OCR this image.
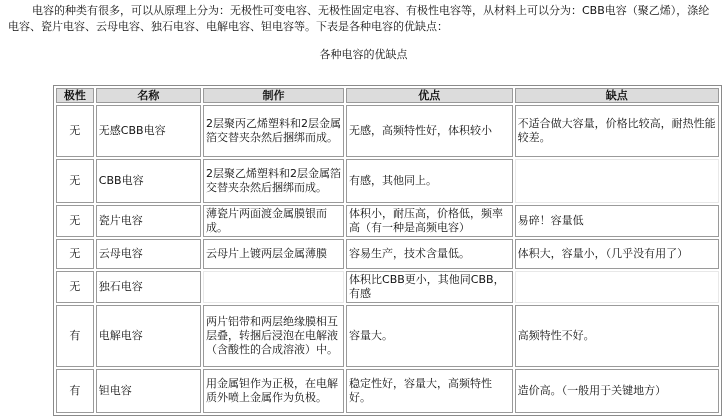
电容的种类有很多，可以从原理上分为：无极性可变电容、无极性固定电容、有极性电容等，从材料上可以分为：CBB电容（聚乙烯），涤纶电容、瓷片电容、云母电容、独石电容、电解电容、钽电容等。下表是各种电容的优缺点：

各种电容的优缺点
极性	名称	制作	优点	缺点
无	无感CBB电容	2层聚丙乙烯塑料和2层金属箔交替夹杂然后捆绑而成。	无感，高频特性好，体积较小	不适合做大容量，价格比较高，耐热性能较差。
无	CBB电容	2层聚乙烯塑料和2层金属箔交替夹杂然后捆绑而成。	有感，其他同上。	
无	瓷片电容	薄瓷片两面渡金属膜银而成。	体积小，耐压高，价格低，频率高（有一种是高频电容）	易碎！容量低
无	云母电容	云母片上镀两层金属薄膜	容易生产，技术含量低。	体积大，容量小，（几乎没有用了）
无	独石电容		体积比CBB更小，其他同CBB，有感	
有	电解电容	两片铝带和两层绝缘膜相互层叠，转捆后浸泡在电解液（含酸性的合成溶液）中。	容量大。	高频特性不好。
有	钽电容	用金属钽作为正极，在电解质外喷上金属作为负极。	稳定性好，容量大，高频特性好。	造价高。（一般用于关键地方）
